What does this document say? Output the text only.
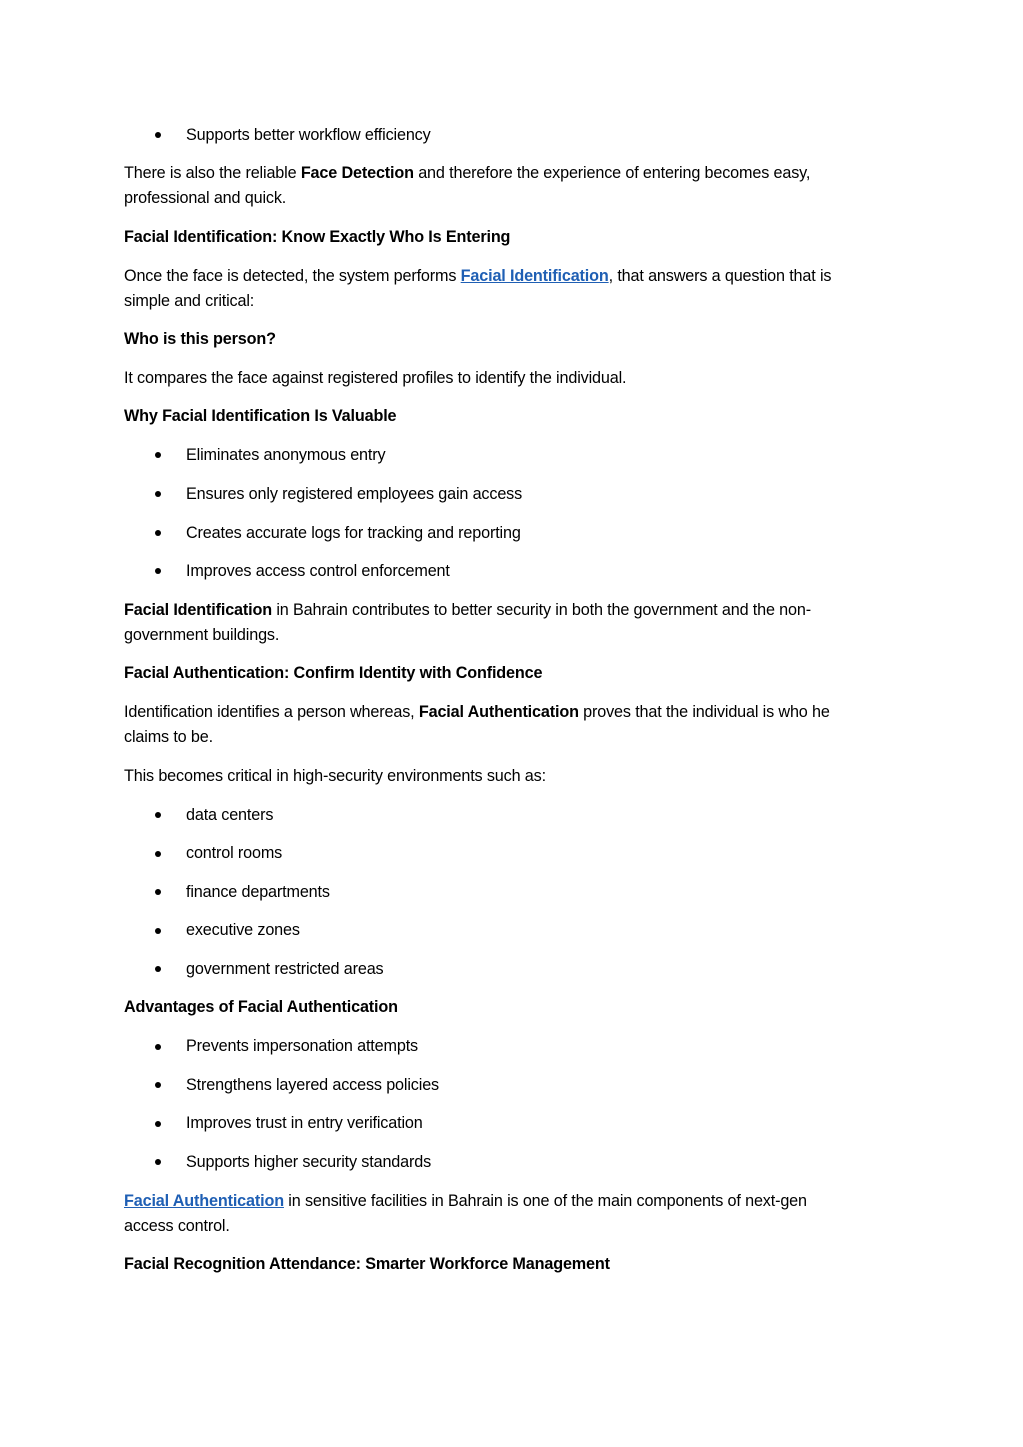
Supports better workflow efficiency
There is also the reliable Face Detection and therefore the experience of entering becomes easy,
professional and quick.
Facial Identification: Know Exactly Who Is Entering
Once the face is detected, the system performs Facial Identification, that answers a question that is
simple and critical:
Who is this person?
It compares the face against registered profiles to identify the individual.
Why Facial Identification Is Valuable
Eliminates anonymous entry
Ensures only registered employees gain access
Creates accurate logs for tracking and reporting
Improves access control enforcement
Facial Identification in Bahrain contributes to better security in both the government and the non-
government buildings.
Facial Authentication: Confirm Identity with Confidence
Identification identifies a person whereas, Facial Authentication proves that the individual is who he
claims to be.
This becomes critical in high-security environments such as:
data centers
control rooms
finance departments
executive zones
government restricted areas
Advantages of Facial Authentication
Prevents impersonation attempts
Strengthens layered access policies
Improves trust in entry verification
Supports higher security standards
Facial Authentication in sensitive facilities in Bahrain is one of the main components of next-gen
access control.
Facial Recognition Attendance: Smarter Workforce Management
